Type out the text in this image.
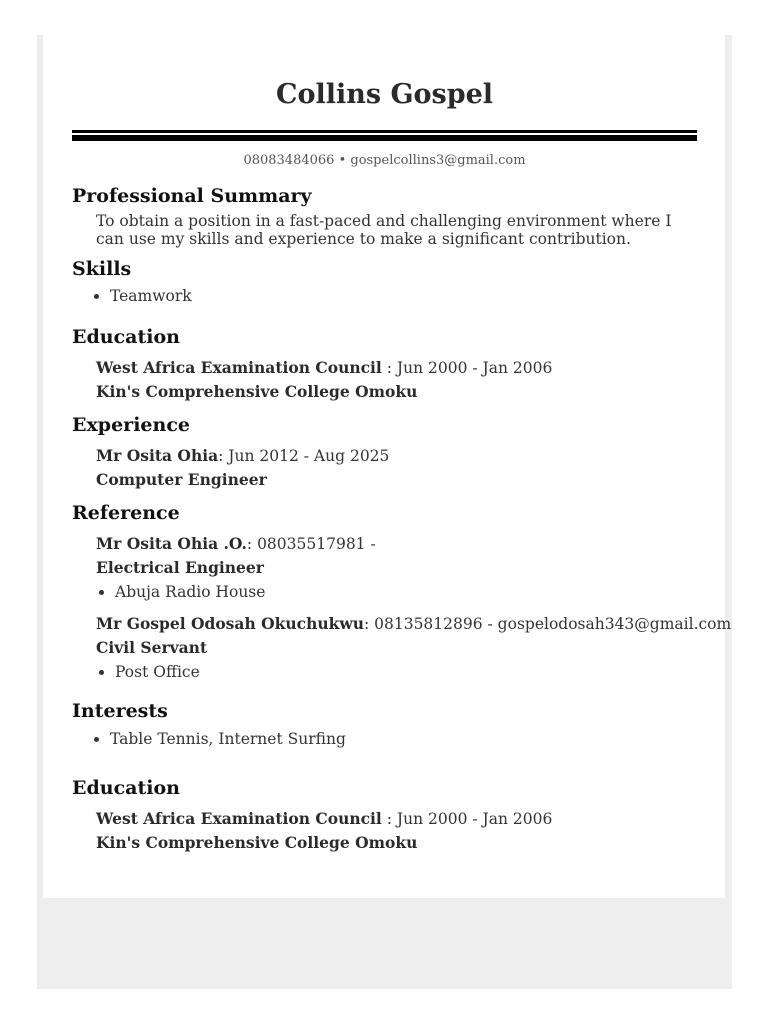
Collins Gospel
08083484066 • gospelcollins3@gmail.com
Professional Summary

To obtain a position in a fast-paced and challenging environment where I can use my skills and experience to make a significant contribution.

Skills
• Teamwork
Education
West Africa Examination Council : Jun 2000 - Jan 2006
Kin's Comprehensive College Omoku
Experience
Mr Osita Ohia: Jun 2012 - Aug 2025
Computer Engineer
Reference
Mr Osita Ohia .O.: 08035517981 -
Electrical Engineer
• Abuja Radio House
Mr Gospel Odosah Okuchukwu: 08135812896 - gospelodosah343@gmail.com
Civil Servant
• Post Office
Interests
• Table Tennis, Internet Surfing
Education
West Africa Examination Council : Jun 2000 - Jan 2006
Kin's Comprehensive College Omoku
